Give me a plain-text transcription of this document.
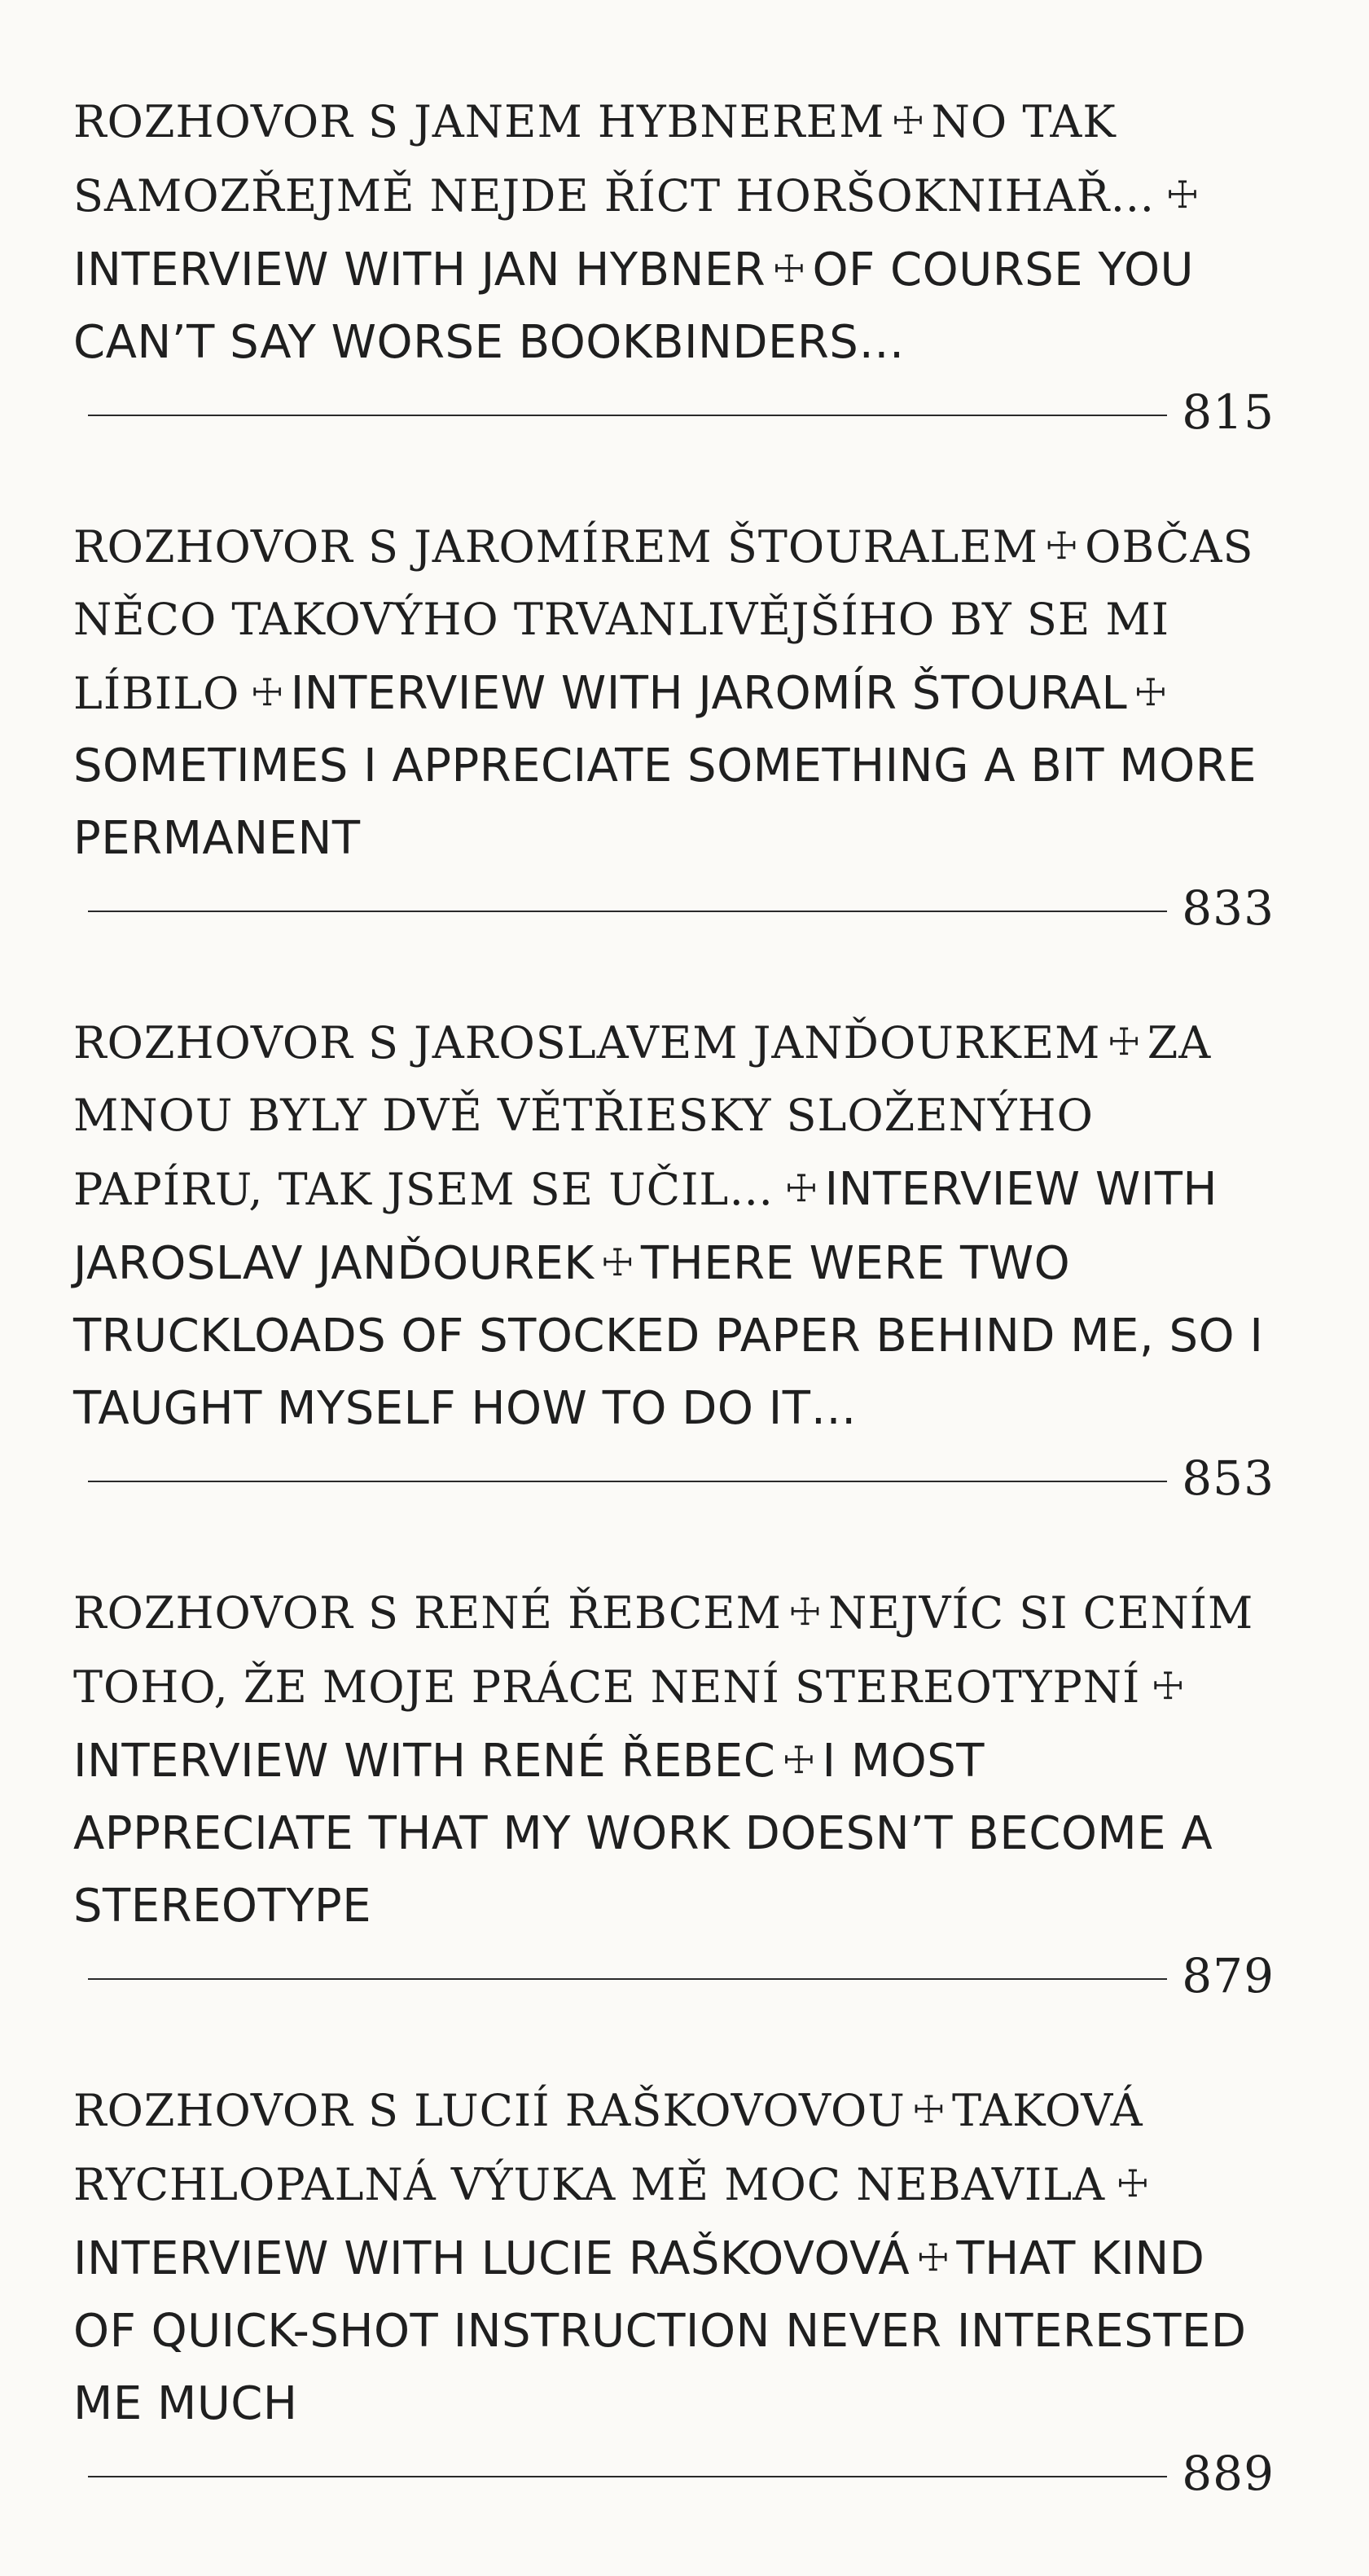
ROZHOVOR S JANEM HYBNEREM ☩ NO TAK SAMOZŘEJMĚ NEJDE ŘÍCT HORŠOKNIHAŘ… ☩INTERVIEW WITH JAN HYBNER ☩ OF COURSE YOU CAN’T SAY WORSE BOOKBINDERS…

815

ROZHOVOR S JAROMÍREM ŠTOURALEM ☩ OBČAS NĚCO TAKOVÝHO TRVANLIVĚJŠÍHO BY SE MI LÍBILO ☩ INTERVIEW WITH JAROMÍR ŠTOURAL ☩SOMETIMES I APPRECIATE SOMETHING A BIT MORE PERMANENT

833

ROZHOVOR S JAROSLAVEM JANĎOURKEM ☩ ZA MNOU BYLY DVĚ VĚTŘIESKY SLOŽENÝHO PAPÍRU, TAK JSEM SE UČIL… ☩ INTERVIEW WITH JAROSLAV JANĎOUREK ☩ THERE WERE TWO TRUCKLOADS OF STOCKED PAPER BEHIND ME, SO I TAUGHT MYSELF HOW TO DO IT…

853

ROZHOVOR S RENÉ ŘEBCEM ☩ NEJVÍC SI CENÍM TOHO, ŽE MOJE PRÁCE NENÍ STEREOTYPNÍ ☩INTERVIEW WITH RENÉ ŘEBEC ☩ I MOST APPRECIATE THAT MY WORK DOESN’T BECOME A STEREOTYPE

879

ROZHOVOR S LUCIÍ RAŠKOVOVOU ☩ TAKOVÁ RYCHLOPALNÁ VÝUKA MĚ MOC NEBAVILA ☩INTERVIEW WITH LUCIE RAŠKOVOVÁ ☩ THAT KIND OF QUICK-SHOT INSTRUCTION NEVER INTERESTED ME MUCH

889
